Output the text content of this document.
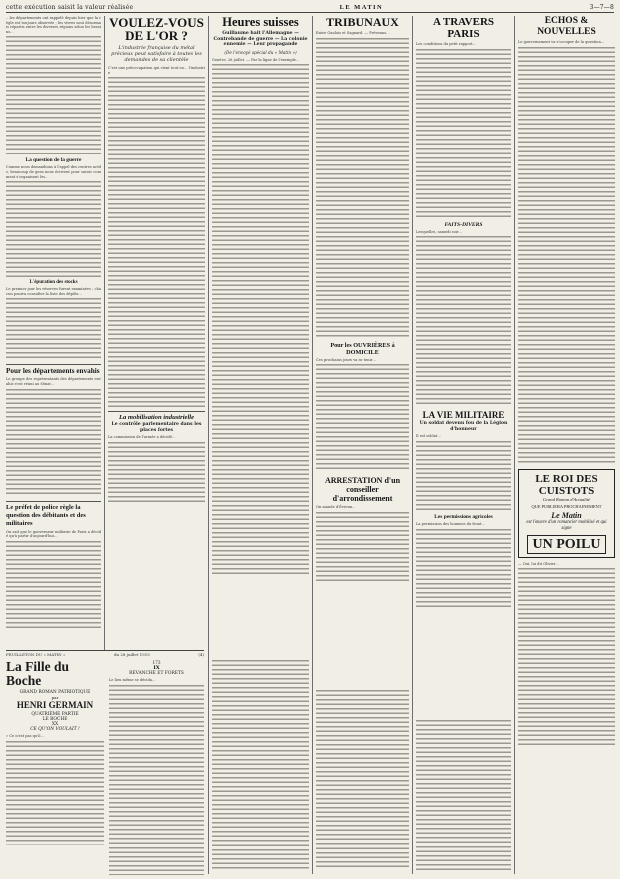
cette exécution saisit la valeur réalisée	LE MATIN	3—7—8

…les départements ont rappelé depuis hier que la règle est toujours observée ; les vivres sont désormais répartis entre les diverses régions selon les besoins…

La question de la guerre

Comme nous demandions à l'appel des centres actifs, beaucoup de gens nous écrivent pour savoir comment s'organisent les…

L'épuration des stocks

Le premier jour les réserves furent examinées ; chacun pourra consulter la liste des dépôts…

Pour les départements envahis

Le groupe des représentants des départements envahis s'est réuni au Sénat…

Le préfet de police règle la question des débitants et des militaires

On sait que le gouverneur militaire de Paris a décidé qu'à partir d'aujourd'hui…

VOULEZ-VOUS DE L'OR ?
L'industrie française du métal précieux peut satisfaire à toutes les demandes de sa clientèle

C'est une préoccupation qui vient tout en… l'industrie

La mobilisation industrielle
Le contrôle parlementaire dans les places fortes

La commission de l'armée a décidé…

Heures suisses
Guillaume hait l'Allemagne — Contrebande de guerre — La colonie ennemie — Leur propagande
(De l'envoyé spécial du « Matin »)

Genève, 26 juillet. — Par la ligne de l'exemple…

TRIBUNAUX

Entre Gaulois et Sagnard. — Prévenus…

Pour les OUVRIÈRES à DOMICILE

Ces prochains jours va se tenir…

ARRESTATION d'un conseiller d'arrondissement

On mande d'Évreux…

A TRAVERS PARIS

Les conditions du petit rapport…

FAITS-DIVERS

Lesquelles, samedi soir…

LA VIE MILITAIRE
Un soldat devenu fou de la Légion d'honneur

Il est soldat…

Les permissions agricoles

La permission des hommes du front…

ÉCHOS & NOUVELLES

Le gouvernement va s'occuper de la question…

LE ROI DES CUISTOTS
Grand Roman d'Actualité
QUE PUBLIERA PROCHAINEMENT
Le Matin
est l'œuvre d'un romancier mobilisé et qui signe
UN POILU

— Oui, lui dit Olivier…

FEUILLETON DU « MATIN »	du 28 juillet 1915	(4)
La Fille du Boche
GRAND ROMAN PATRIOTIQUE
par
HENRI GERMAIN
QUATRIÈME PARTIE
LE BOCHE
XX
CE QU'ON VOULAIT !

« Ce n'est pas qu'il…

173
IX
REVANCHE ET FORETS

Le lieu même se décida…
